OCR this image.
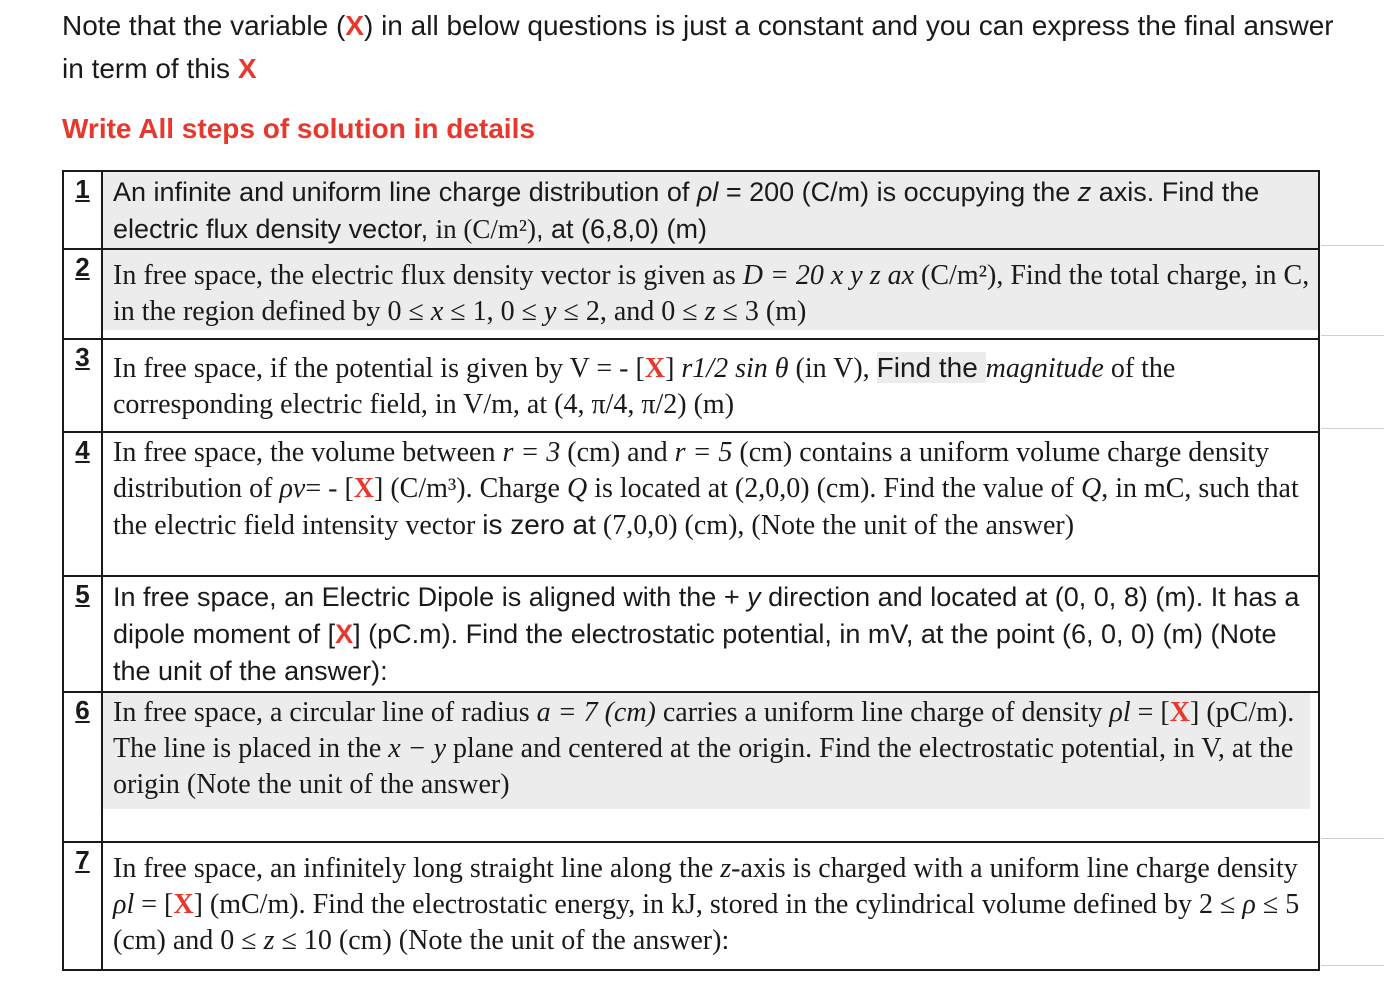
Note that the variable (X) in all below questions is just a constant and you can express the final answer in term of this X

Write All steps of solution in details
1	An infinite and uniform line charge distribution of ρl = 200 (C/m) is occupying the z axis. Find the electric flux density vector, in (C/m²), at (6,8,0) (m)

2	In free space, the electric flux density vector is given as D = 20 x y z ax (C/m²), Find the total charge, in C, in the region defined by 0 ≤ x ≤ 1, 0 ≤ y ≤ 2, and 0 ≤ z ≤ 3 (m)

3	In free space, if the potential is given by V = - [X] r1/2 sin θ (in V), Find the magnitude of the corresponding electric field, in V/m, at (4, π/4, π/2) (m)

4	In free space, the volume between r = 3 (cm) and r = 5 (cm) contains a uniform volume charge density distribution of ρv= - [X] (C/m³). Charge Q is located at (2,0,0) (cm). Find the value of Q, in mC, such that the electric field intensity vector is zero at (7,0,0) (cm), (Note the unit of the answer)

5	In free space, an Electric Dipole is aligned with the + y direction and located at (0, 0, 8) (m). It has a dipole moment of [X] (pC.m). Find the electrostatic potential, in mV, at the point (6, 0, 0) (m) (Note the unit of the answer):

6	In free space, a circular line of radius a = 7 (cm) carries a uniform line charge of density ρl = [X] (pC/m). The line is placed in the x − y plane and centered at the origin. Find the electrostatic potential, in V, at the origin (Note the unit of the answer)

7	In free space, an infinitely long straight line along the z-axis is charged with a uniform line charge density ρl = [X] (mC/m). Find the electrostatic energy, in kJ, stored in the cylindrical volume defined by 2 ≤ ρ ≤ 5 (cm) and 0 ≤ z ≤ 10 (cm) (Note the unit of the answer):
